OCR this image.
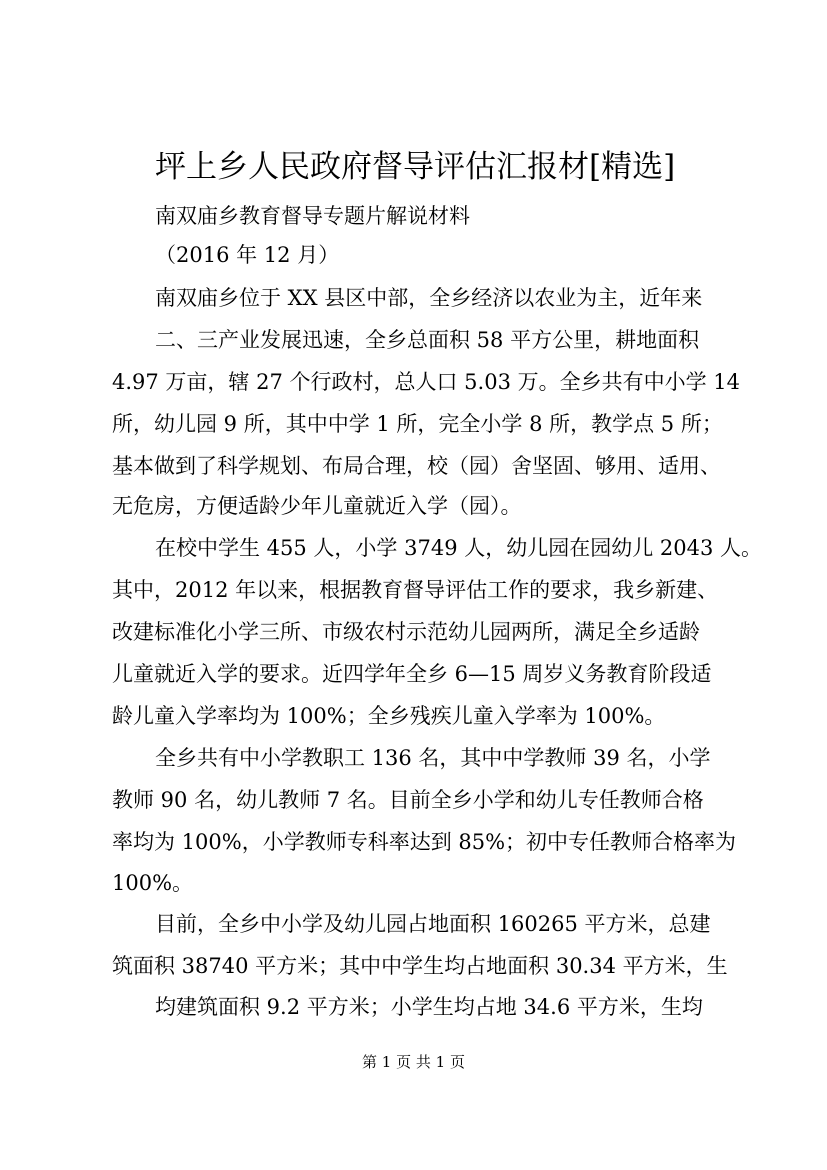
坪上乡人民政府督导评估汇报材[精选]
南双庙乡教育督导专题片解说材料
（2016 年 12 月）
南双庙乡位于 XX 县区中部，全乡经济以农业为主，近年来
二、三产业发展迅速，全乡总面积 58 平方公里，耕地面积
4.97 万亩，辖 27 个行政村，总人口 5.03 万。全乡共有中小学 14
所，幼儿园 9 所，其中中学 1 所，完全小学 8 所，教学点 5 所；
基本做到了科学规划、布局合理，校（园）舍坚固、够用、适用、
无危房，方便适龄少年儿童就近入学（园）。
在校中学生 455 人，小学 3749 人，幼儿园在园幼儿 2043 人。
其中，2012 年以来，根据教育督导评估工作的要求，我乡新建、
改建标准化小学三所、市级农村示范幼儿园两所，满足全乡适龄
儿童就近入学的要求。近四学年全乡 6—15 周岁义务教育阶段适
龄儿童入学率均为 100%；全乡残疾儿童入学率为 100%。
全乡共有中小学教职工 136 名，其中中学教师 39 名，小学
教师 90 名，幼儿教师 7 名。目前全乡小学和幼儿专任教师合格
率均为 100%，小学教师专科率达到 85%；初中专任教师合格率为
100%。
目前，全乡中小学及幼儿园占地面积 160265 平方米，总建
筑面积 38740 平方米；其中中学生均占地面积 30.34 平方米，生
均建筑面积 9.2 平方米；小学生均占地 34.6 平方米，生均
第 1 页 共 1 页
